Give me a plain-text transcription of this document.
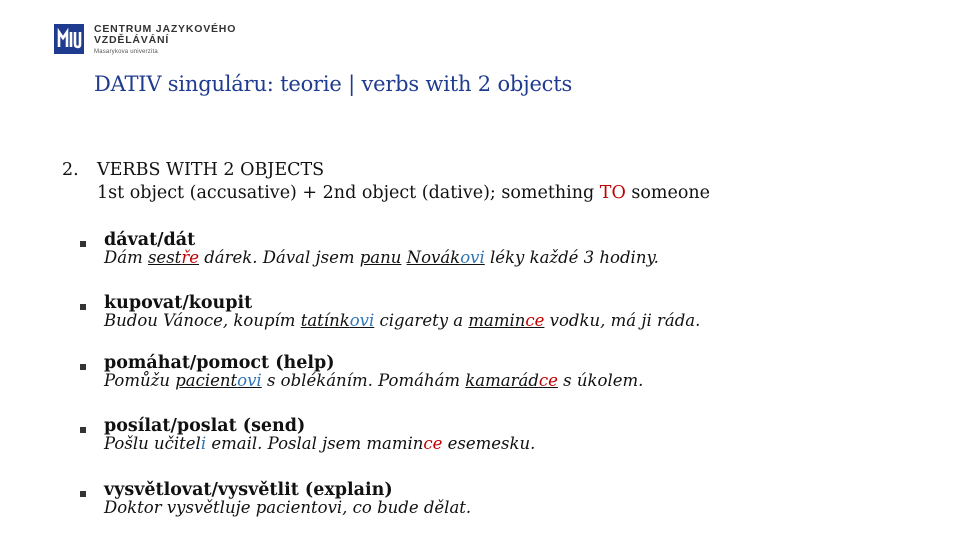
CENTRUM JAZYKOVÉHO
VZDĚLÁVÁNÍ
Masarykova univerzita
DATIV singuláru: teorie | verbs with 2 objects
2. VERBS WITH 2 OBJECTS
1st object (accusative) + 2nd object (dative); something TO someone
dávat/dát
Dám sestře dárek. Dával jsem panu Novákovi léky každé 3 hodiny.
kupovat/koupit
Budou Vánoce, koupím tatínkovi cigarety a mamince vodku, má ji ráda.
pomáhat/pomoct (help)
Pomůžu pacientovi s oblékáním. Pomáhám kamarádce s úkolem.
posílat/poslat (send)
Pošlu učiteli email. Poslal jsem mamince esemesku.
vysvětlovat/vysvětlit (explain)
Doktor vysvětluje pacientovi, co bude dělat.
